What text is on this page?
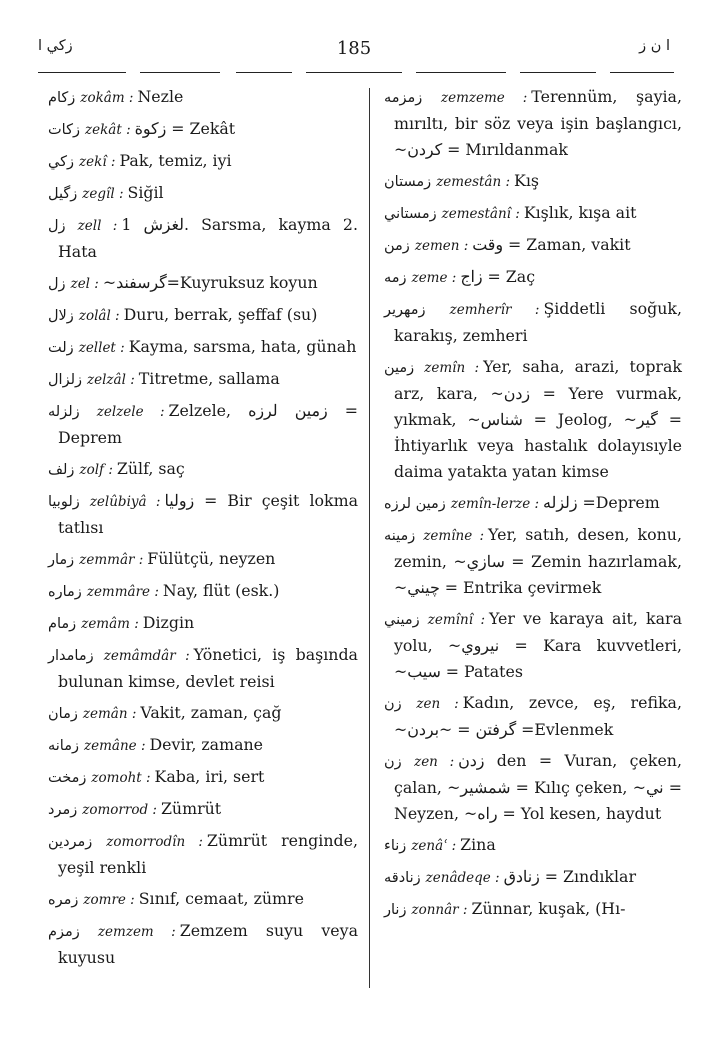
زكي ا	185	ا ن ز

زكام zokâm : Nezle

زكات zekât : زكوة = Zekât

زكي zekî : Pak, temiz, iyi

زگيل zegîl : Siğil

زل zell : لغزش 1. Sarsma, kayma 2. Hata

زل zel : ~گرسفند=Kuyruksuz koyun

زلال zolâl : Duru, berrak, şeffaf (su)

زلت zellet : Kayma, sarsma, hata, günah

زلزال zelzâl : Titretme, sallama

زلزله zelzele : Zelzele, زمين لرزه = Deprem

زلف zolf : Zülf, saç

زلوبيا zelûbiyâ : زوليا = Bir çeşit lokma tatlısı

زمار zemmâr : Fülütçü, neyzen

زماره zemmâre : Nay, flüt (esk.)

زمام zemâm : Dizgin

زمامدار zemâmdâr : Yönetici, iş başında bulunan kimse, devlet reisi

زمان zemân : Vakit, zaman, çağ

زمانه zemâne : Devir, zamane

زمخت zomoht : Kaba, iri, sert

زمرد zomorrod : Zümrüt

زمردين zomorrodîn : Zümrüt renginde, yeşil renkli

زمره zomre : Sınıf, cemaat, zümre

زمزم zemzem : Zemzem suyu veya kuyusu

زمزمه zemzeme : Terennüm, şayia, mırıltı, bir söz veya işin başlangıcı, ~كردن = Mırıldanmak

زمستان zemestân : Kış

زمستاني zemestânî : Kışlık, kışa ait

زمن zemen : وقت = Zaman, vakit

زمه zeme : زاج = Zaç

زمهرير zemherîr : Şiddetli soğuk, karakış, zemheri

زمين zemîn : Yer, saha, arazi, toprak arz, kara, ~زدن = Yere vurmak, yıkmak, ~شناس = Jeolog, ~گير = İhtiyarlık veya hastalık dolayısıyle daima yatakta yatan kimse

زمين لرزه zemîn-lerze : زلزله =Deprem

زمينه zemîne : Yer, satıh, desen, konu, zemin, ~سازي = Zemin hazırlamak, ~چيني = Entrika çevirmek

زميني zemînî : Yer ve karaya ait, kara yolu, ~نيروي = Kara kuvvetleri, ~سيب = Patates

زن zen : Kadın, zevce, eş, refika, ~گرفتن = ~بردن =Evlenmek

زن zen : زدن den = Vuran, çeken, çalan, ~شمشير = Kılıç çeken, ~ني = Neyzen, ~راه = Yol kesen, haydut

زناء zenâʿ : Zina

زنادقه zenâdeqe : زنادق = Zındıklar

زنار zonnâr : Zünnar, kuşak, (Hı-
